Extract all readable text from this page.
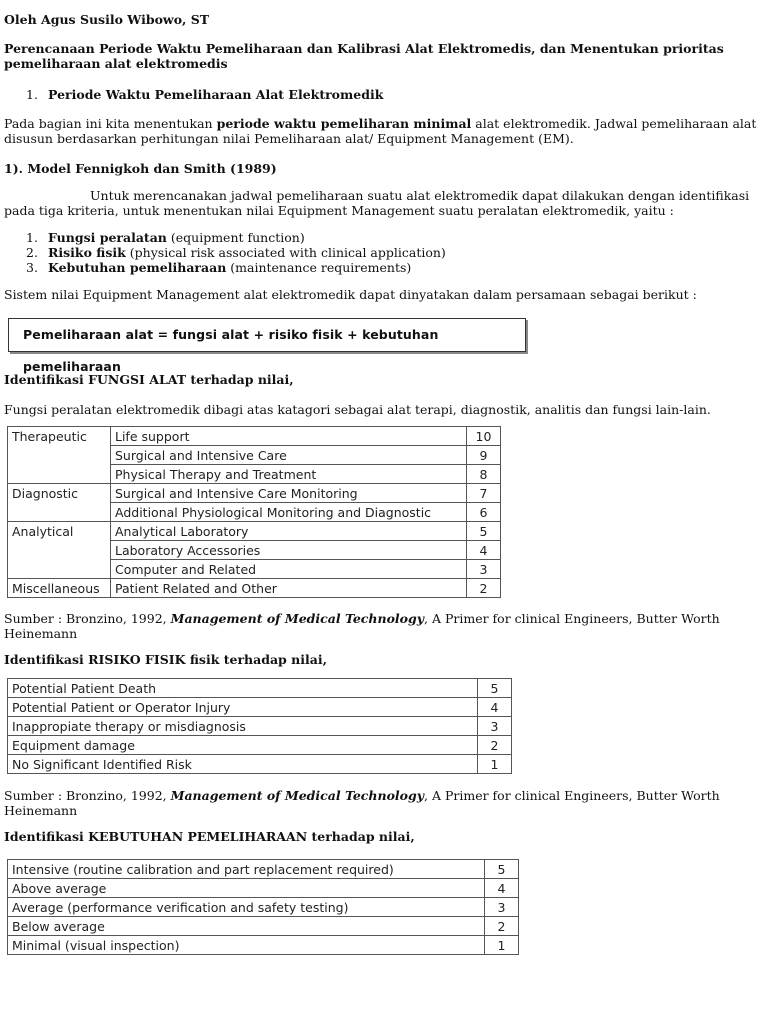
Oleh Agus Susilo Wibowo, ST

Perencanaan Periode Waktu Pemeliharaan dan Kalibrasi Alat Elektromedis, dan Menentukan prioritas pemeliharaan alat elektromedis

1. Periode Waktu Pemeliharaan Alat Elektromedik

Pada bagian ini kita menentukan periode waktu pemeliharan minimal alat elektromedik. Jadwal pemeliharaan alat disusun berdasarkan perhitungan nilai Pemeliharaan alat/ Equipment Management (EM).

1). Model Fennigkoh dan Smith (1989)

Untuk merencanakan jadwal pemeliharaan suatu alat elektromedik dapat dilakukan dengan identifikasi pada tiga kriteria, untuk menentukan nilai Equipment Management suatu peralatan elektromedik, yaitu :

1. Fungsi peralatan (equipment function)
2. Risiko fisik (physical risk associated with clinical application)
3. Kebutuhan pemeliharaan (maintenance requirements)

Sistem nilai Equipment Management alat elektromedik dapat dinyatakan dalam persamaan sebagai berikut :

Pemeliharaan alat = fungsi alat + risiko fisik + kebutuhan pemeliharaan

Identifikasi FUNGSI ALAT terhadap nilai,

Fungsi peralatan elektromedik dibagi atas katagori sebagai alat terapi, diagnostik, analitis dan fungsi lain-lain.

Therapeutic	Life support	10
	Surgical and Intensive Care	9
	Physical Therapy and Treatment	8
Diagnostic	Surgical and Intensive Care Monitoring	7
	Additional Physiological Monitoring and Diagnostic	6
Analytical	Analytical Laboratory	5
	Laboratory Accessories	4
	Computer and Related	3
Miscellaneous	Patient Related and Other	2

Sumber : Bronzino, 1992, Management of Medical Technology, A Primer for clinical Engineers, Butter Worth Heinemann

Identifikasi RISIKO FISIK fisik terhadap nilai,

Potential Patient Death	5
Potential Patient or Operator Injury	4
Inappropiate therapy or misdiagnosis	3
Equipment damage	2
No Significant Identified Risk	1

Sumber : Bronzino, 1992, Management of Medical Technology, A Primer for clinical Engineers, Butter Worth Heinemann

Identifikasi KEBUTUHAN PEMELIHARAAN terhadap nilai,

Intensive (routine calibration and part replacement required)	5
Above average	4
Average (performance verification and safety testing)	3
Below average	2
Minimal (visual inspection)	1
